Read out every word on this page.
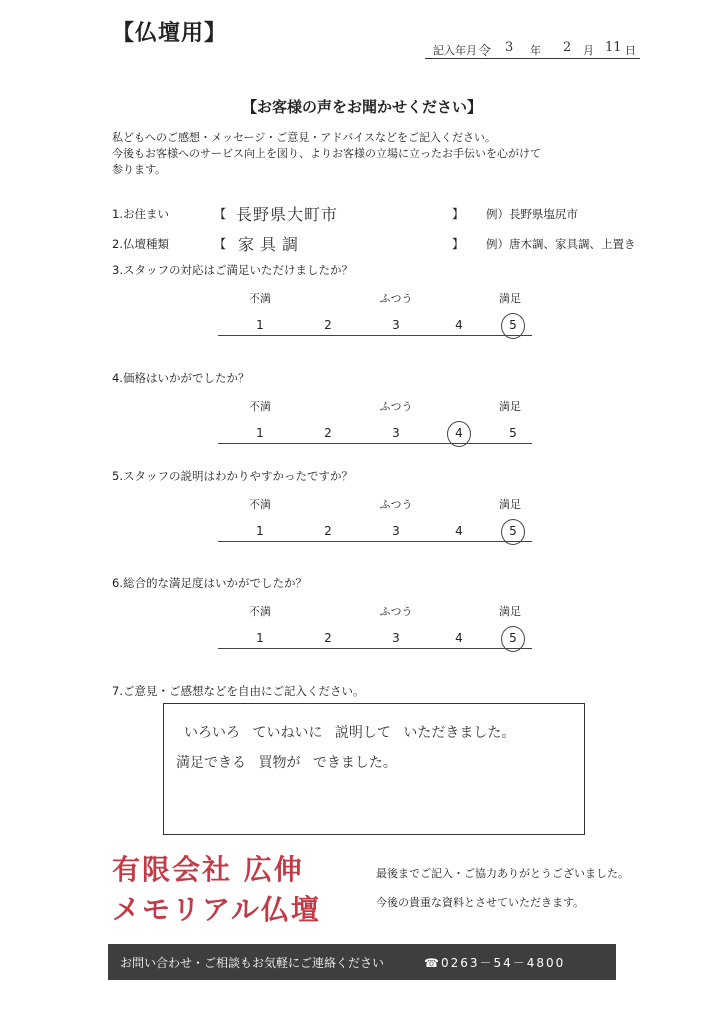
【仏壇用】
記入年月 令 3 年 2 月 11 日
【お客様の声をお聞かせください】
私どもへのご感想・メッセージ・ご意見・アドバイスなどをご記入ください。
今後もお客様へのサービス向上を図り、よりお客様の立場に立ったお手伝いを心がけて
参ります。
1.お住まい	【 長野県大町市	】 例）長野県塩尻市
2.仏壇種類	【 家具調	】 例）唐木調、家具調、上置き
3.スタッフの対応はご満足いただけましたか？
不満	ふつう	満足
1	2	3	4	5
4.価格はいかがでしたか？
不満	ふつう	満足
1	2	3	4	5
5.スタッフの説明はわかりやすかったですか？
不満	ふつう	満足
1	2	3	4	5
6.総合的な満足度はいかがでしたか？
不満	ふつう	満足
1	2	3	4	5
7.ご意見・ご感想などを自由にご記入ください。
いろいろ ていねいに 説明して いただきました。
満足できる 買物が できました。
有限会社 広伸
メモリアル仏壇
最後までご記入・ご協力ありがとうございました。
今後の貴重な資料とさせていただきます。
お問い合わせ・ご相談もお気軽にご連絡ください	☎0263－54－4800
